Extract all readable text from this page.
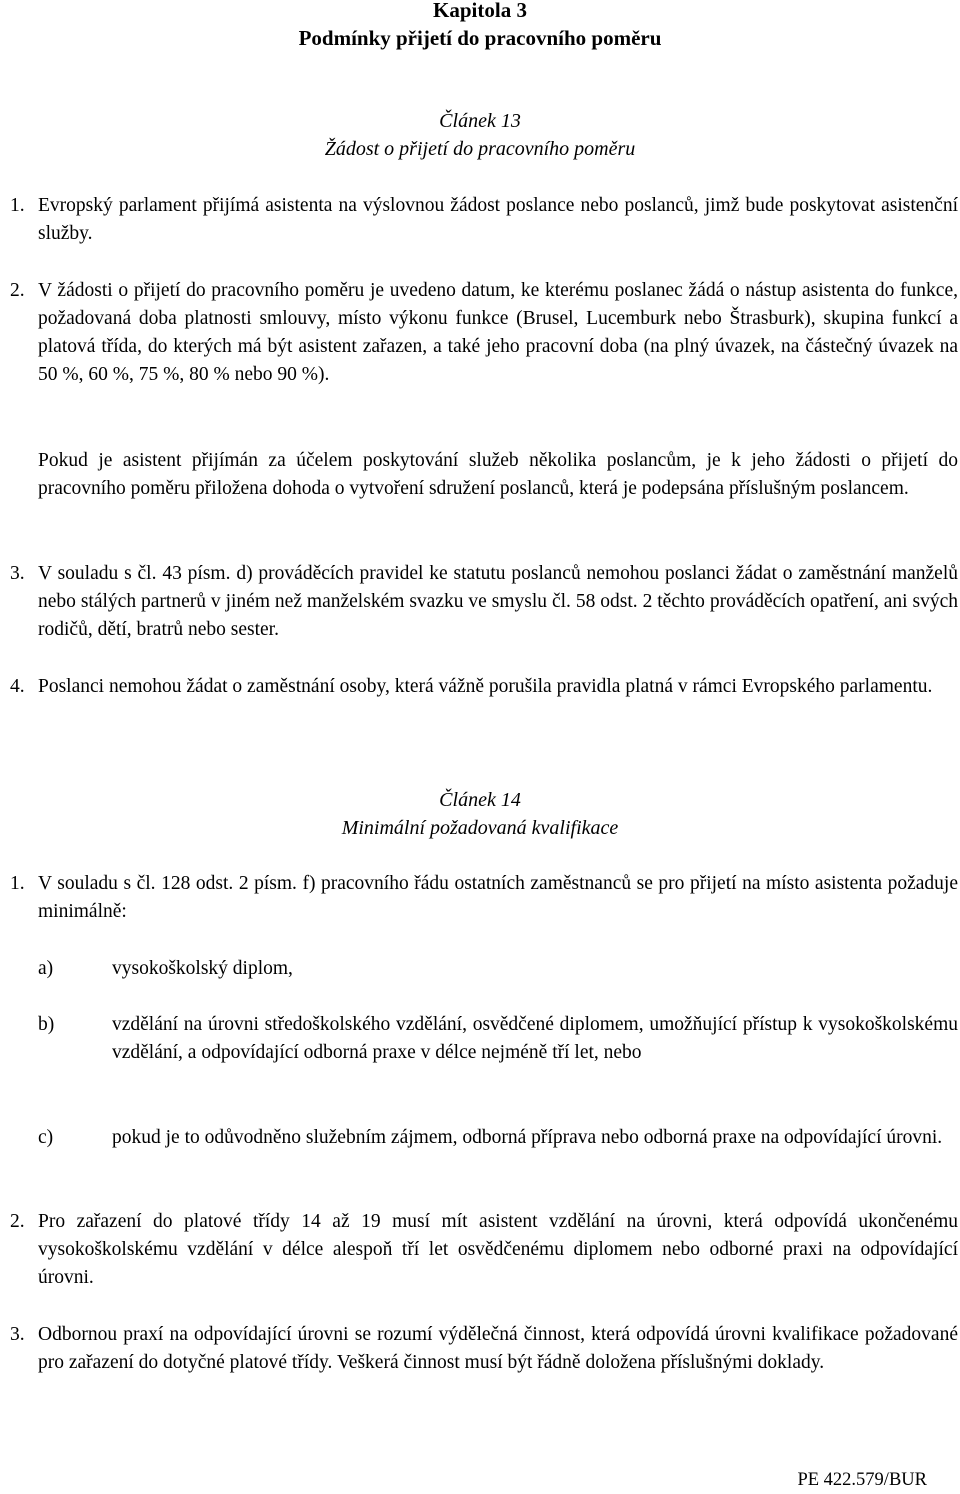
Kapitola 3
Podmínky přijetí do pracovního poměru
Článek 13
Žádost o přijetí do pracovního poměru
1. Evropský parlament přijímá asistenta na výslovnou žádost poslance nebo poslanců, jimž bude poskytovat asistenční služby.
2. V žádosti o přijetí do pracovního poměru je uvedeno datum, ke kterému poslanec žádá o nástup asistenta do funkce, požadovaná doba platnosti smlouvy, místo výkonu funkce (Brusel, Lucemburk nebo Štrasburk), skupina funkcí a platová třída, do kterých má být asistent zařazen, a také jeho pracovní doba (na plný úvazek, na částečný úvazek na 50 %, 60 %, 75 %, 80 % nebo 90 %).
Pokud je asistent přijímán za účelem poskytování služeb několika poslancům, je k jeho žádosti o přijetí do pracovního poměru přiložena dohoda o vytvoření sdružení poslanců, která je podepsána příslušným poslancem.
3. V souladu s čl. 43 písm. d) prováděcích pravidel ke statutu poslanců nemohou poslanci žádat o zaměstnání manželů nebo stálých partnerů v jiném než manželském svazku ve smyslu čl. 58 odst. 2 těchto prováděcích opatření, ani svých rodičů, dětí, bratrů nebo sester.
4. Poslanci nemohou žádat o zaměstnání osoby, která vážně porušila pravidla platná v rámci Evropského parlamentu.
Článek 14
Minimální požadovaná kvalifikace
1. V souladu s čl. 128 odst. 2 písm. f) pracovního řádu ostatních zaměstnanců se pro přijetí na místo asistenta požaduje minimálně:
a)	vysokoškolský diplom,
b)	vzdělání na úrovni středoškolského vzdělání, osvědčené diplomem, umožňující přístup k vysokoškolskému vzdělání, a odpovídající odborná praxe v délce nejméně tří let, nebo
c)	pokud je to odůvodněno služebním zájmem, odborná příprava nebo odborná praxe na odpovídající úrovni.
2. Pro zařazení do platové třídy 14 až 19 musí mít asistent vzdělání na úrovni, která odpovídá ukončenému vysokoškolskému vzdělání v délce alespoň tří let osvědčenému diplomem nebo odborné praxi na odpovídající úrovni.
3. Odbornou praxí na odpovídající úrovni se rozumí výdělečná činnost, která odpovídá úrovni kvalifikace požadované pro zařazení do dotyčné platové třídy. Veškerá činnost musí být řádně doložena příslušnými doklady.
PE 422.579/BUR
